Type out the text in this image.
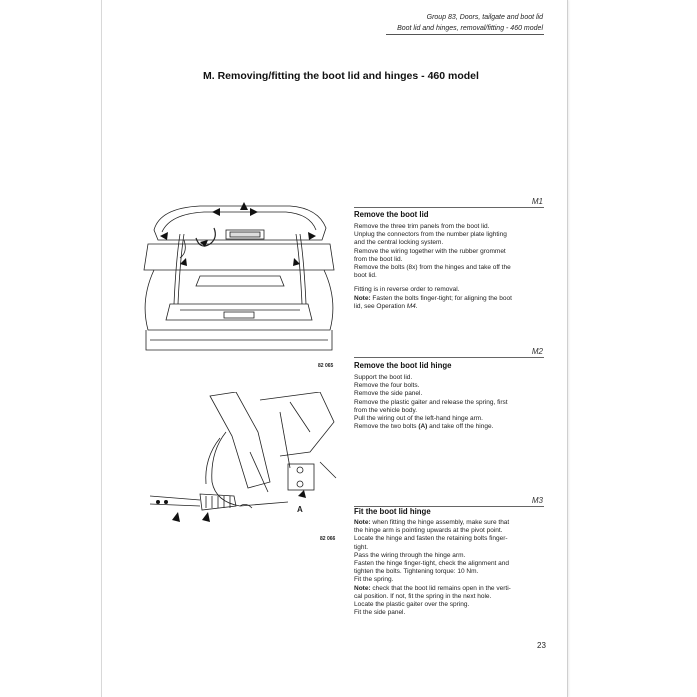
Group 83, Doors, tailgate and boot lid
Boot lid and hinges, removal/fitting - 460 model
M. Removing/fitting the boot lid and hinges - 460 model
82 065
A
82 066
M1
Remove the boot lid

Remove the three trim panels from the boot lid.

Unplug the connectors from the number plate lighting

and the central locking system.

Remove the wiring together with the rubber grommet

from the boot lid.

Remove the bolts (8x) from the hinges and take off the

boot lid.

Fitting is in reverse order to removal.

Note: Fasten the bolts finger-tight; for aligning the boot

lid, see Operation M4.

M2
Remove the boot lid hinge

Support the boot lid.

Remove the four bolts.

Remove the side panel.

Remove the plastic gaiter and release the spring, first

from the vehicle body.

Pull the wiring out of the left-hand hinge arm.

Remove the two bolts (A) and take off the hinge.

M3
Fit the boot lid hinge

Note: when fitting the hinge assembly, make sure that

the hinge arm is pointing upwards at the pivot point.

Locate the hinge and fasten the retaining bolts finger-

tight.

Pass the wiring through the hinge arm.

Fasten the hinge finger-tight, check the alignment and

tighten the bolts. Tightening torque: 10 Nm.

Fit the spring.

Note: check that the boot lid remains open in the verti-

cal position. If not, fit the spring in the next hole.

Locate the plastic gaiter over the spring.

Fit the side panel.

23
